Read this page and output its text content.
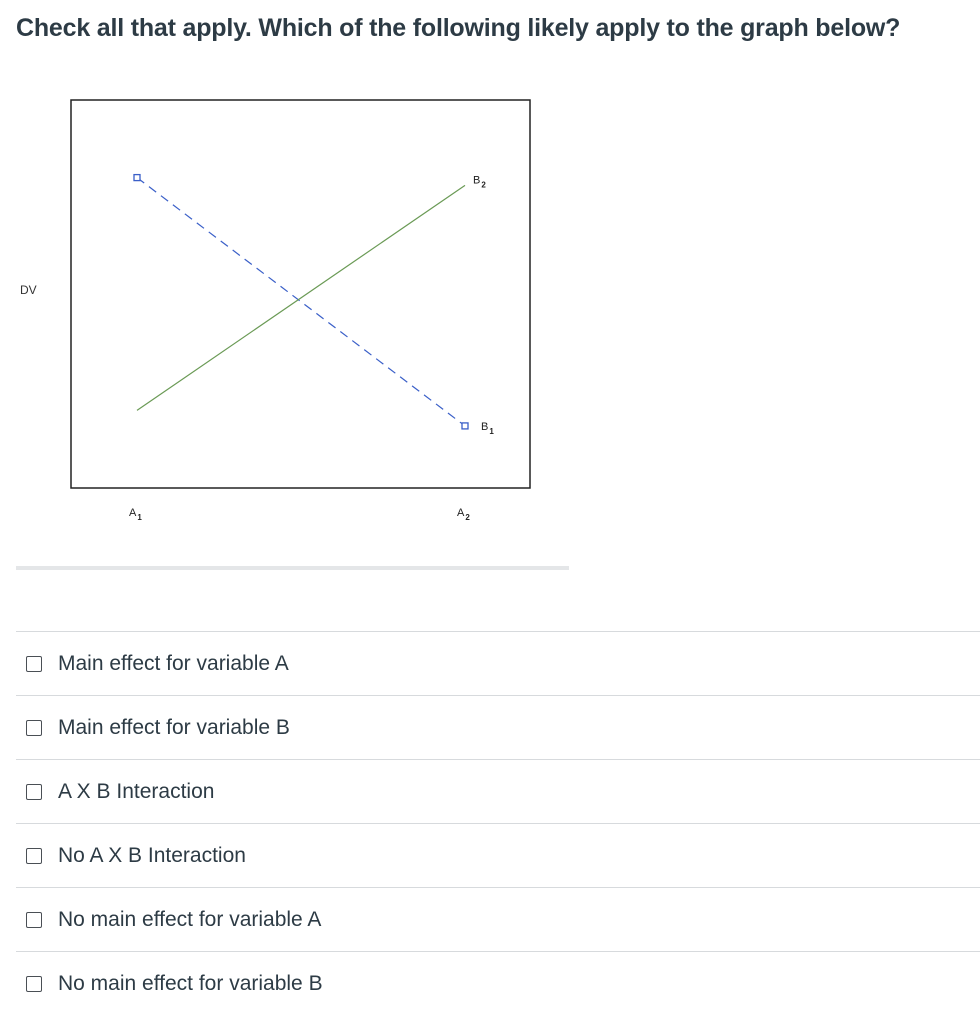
Check all that apply. Which of the following likely apply to the graph below?
DV
$A_1$	$A_2$
$B_1$
$B_2$
Main effect for variable A
Main effect for variable B
A X B Interaction
No A X B Interaction
No main effect for variable A
No main effect for variable B
